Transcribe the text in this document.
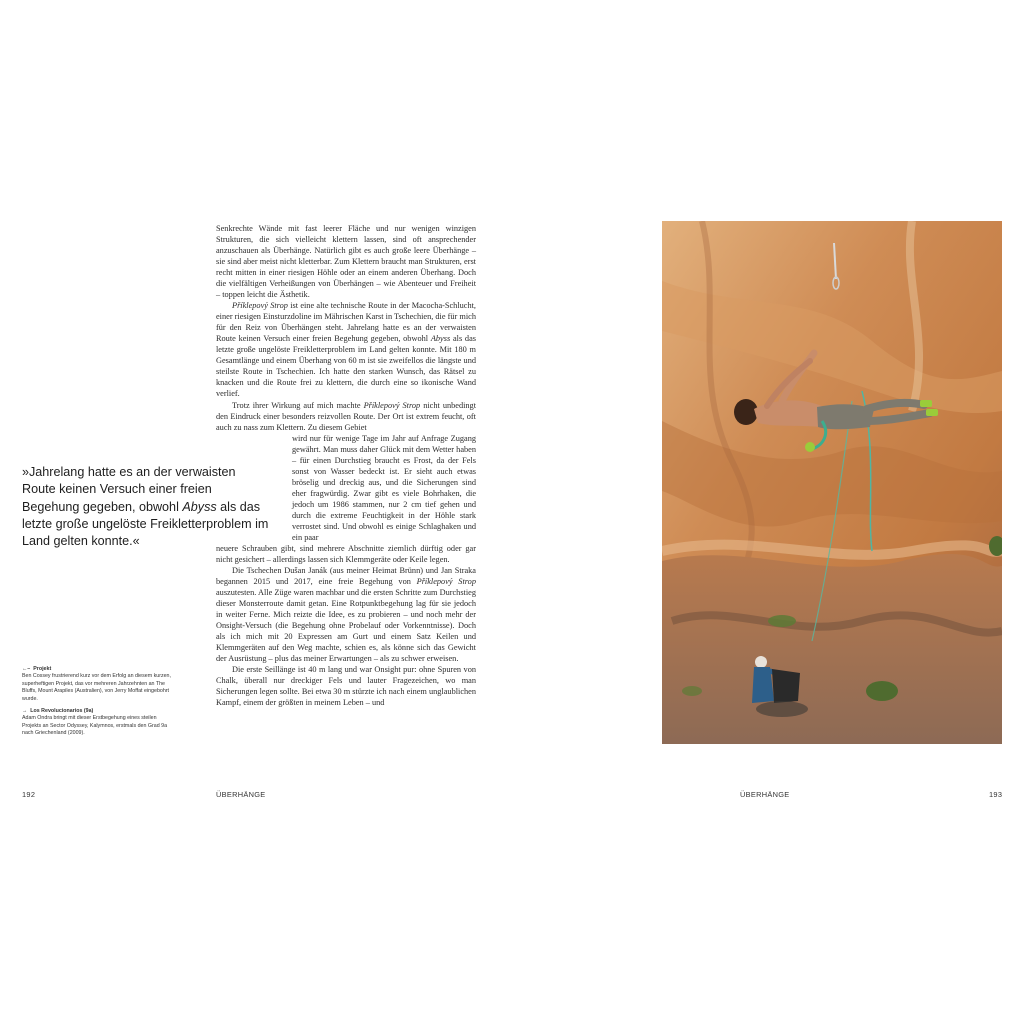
»Jahrelang hatte es an der verwaisten Route keinen Versuch einer freien Begehung gegeben, obwohl Abyss als das letzte große ungelöste Freikletterproblem im Land gelten konnte.«

Senkrechte Wände mit fast leerer Fläche und nur wenigen winzigen Strukturen, die sich vielleicht klettern lassen, sind oft ansprechender anzuschauen als Überhänge. Natürlich gibt es auch große leere Überhänge – sie sind aber meist nicht kletterbar. Zum Klettern braucht man Strukturen, erst recht mitten in einer riesigen Höhle oder an einem anderen Überhang. Doch die vielfältigen Verheißungen von Überhängen – wie Abenteuer und Freiheit – toppen leicht die Ästhetik.

Příklepový Strop ist eine alte technische Route in der Macocha-Schlucht, einer riesigen Einsturzdoline im Mährischen Karst in Tschechien, die für mich für den Reiz von Überhängen steht. Jahrelang hatte es an der verwaisten Route keinen Versuch einer freien Begehung gegeben, obwohl Abyss als das letzte große ungelöste Freikletterproblem im Land gelten konnte. Mit 180 m Gesamtlänge und einem Überhang von 60 m ist sie zweifellos die längste und steilste Route in Tschechien. Ich hatte den starken Wunsch, das Rätsel zu knacken und die Route frei zu klettern, die durch eine so ikonische Wand verlief.

Trotz ihrer Wirkung auf mich machte Příklepový Strop nicht unbedingt den Eindruck einer besonders reizvollen Route. Der Ort ist extrem feucht, oft auch zu nass zum Klettern. Zu diesem Gebiet

wird nur für wenige Tage im Jahr auf Anfrage Zugang gewährt. Man muss daher Glück mit dem Wetter haben – für einen Durchstieg braucht es Frost, da der Fels sonst von Wasser bedeckt ist. Er sieht auch etwas bröselig und dreckig aus, und die Sicherungen sind eher fragwürdig. Zwar gibt es viele Bohrhaken, die jedoch um 1986 stammen, nur 2 cm tief gehen und durch die extreme Feuchtigkeit in der Höhle stark verrostet sind. Und obwohl es einige Schlaghaken und ein paar

neuere Schrauben gibt, sind mehrere Abschnitte ziemlich dürftig oder gar nicht gesichert – allerdings lassen sich Klemmgeräte oder Keile legen.

Die Tschechen Dušan Janák (aus meiner Heimat Brünn) und Jan Straka begannen 2015 und 2017, eine freie Begehung von Příklepový Strop auszutesten. Alle Züge waren machbar und die ersten Schritte zum Durchstieg dieser Monsterroute damit getan. Eine Rotpunktbegehung lag für sie jedoch in weiter Ferne. Mich reizte die Idee, es zu probieren – und noch mehr der Onsight-Versuch (die Begehung ohne Probelauf oder Vorkenntnisse). Doch als ich mich mit 20 Expressen am Gurt und einem Satz Keilen und Klemmgeräten auf den Weg machte, schien es, als könne sich das Gewicht der Ausrüstung – plus das meiner Erwartungen – als zu schwer erweisen.

Die erste Seillänge ist 40 m lang und war Onsight pur: ohne Spuren von Chalk, überall nur dreckiger Fels und lauter Fragezeichen, wo man Sicherungen legen sollte. Bei etwa 30 m stürzte ich nach einem unglaublichen Kampf, einem der größten in meinem Leben – und

←– Projekt
Ben Cossey frustrierend kurz vor dem Erfolg an diesem kurzen, superheftigen Projekt, das vor mehreren Jahrzehnten an The Bluffs, Mount Arapiles (Australien), von Jerry Moffat eingebohrt wurde.
→ Los Revolucionarios (9a)
Adam Ondra bringt mit dieser Erstbegehung eines steilen Projekts an Sector Odyssey, Kalymnos, erstmals den Grad 9a nach Griechenland (2009).
192	ÜBERHÄNGE	ÜBERHÄNGE	193
